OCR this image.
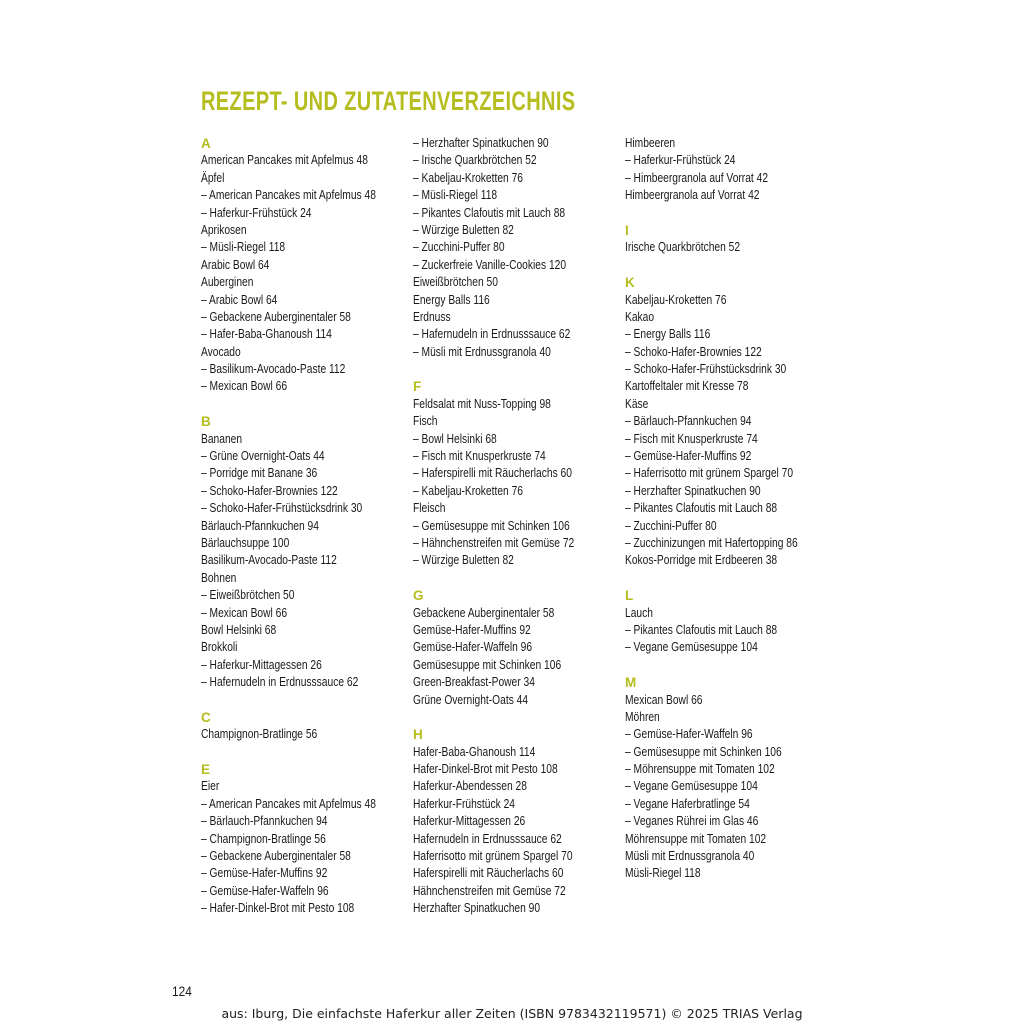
REZEPT- UND ZUTATENVERZEICHNIS
A
American Pancakes mit Apfelmus 48
Äpfel
– American Pancakes mit Apfelmus 48
– Haferkur-Frühstück 24
Aprikosen
– Müsli-Riegel 118
Arabic Bowl 64
Auberginen
– Arabic Bowl 64
– Gebackene Auberginentaler 58
– Hafer-Baba-Ghanoush 114
Avocado
– Basilikum-Avocado-Paste 112
– Mexican Bowl 66
B
Bananen
– Grüne Overnight-Oats 44
– Porridge mit Banane 36
– Schoko-Hafer-Brownies 122
– Schoko-Hafer-Frühstücksdrink 30
Bärlauch-Pfannkuchen 94
Bärlauchsuppe 100
Basilikum-Avocado-Paste 112
Bohnen
– Eiweißbrötchen 50
– Mexican Bowl 66
Bowl Helsinki 68
Brokkoli
– Haferkur-Mittagessen 26
– Hafernudeln in Erdnusssauce 62
C
Champignon-Bratlinge 56
E
Eier
– American Pancakes mit Apfelmus 48
– Bärlauch-Pfannkuchen 94
– Champignon-Bratlinge 56
– Gebackene Auberginentaler 58
– Gemüse-Hafer-Muffins 92
– Gemüse-Hafer-Waffeln 96
– Hafer-Dinkel-Brot mit Pesto 108
– Herzhafter Spinatkuchen 90
– Irische Quarkbrötchen 52
– Kabeljau-Kroketten 76
– Müsli-Riegel 118
– Pikantes Clafoutis mit Lauch 88
– Würzige Buletten 82
– Zucchini-Puffer 80
– Zuckerfreie Vanille-Cookies 120
Eiweißbrötchen 50
Energy Balls 116
Erdnuss
– Hafernudeln in Erdnusssauce 62
– Müsli mit Erdnussgranola 40
F
Feldsalat mit Nuss-Topping 98
Fisch
– Bowl Helsinki 68
– Fisch mit Knusperkruste 74
– Haferspirelli mit Räucherlachs 60
– Kabeljau-Kroketten 76
Fleisch
– Gemüsesuppe mit Schinken 106
– Hähnchenstreifen mit Gemüse 72
– Würzige Buletten 82
G
Gebackene Auberginentaler 58
Gemüse-Hafer-Muffins 92
Gemüse-Hafer-Waffeln 96
Gemüsesuppe mit Schinken 106
Green-Breakfast-Power 34
Grüne Overnight-Oats 44
H
Hafer-Baba-Ghanoush 114
Hafer-Dinkel-Brot mit Pesto 108
Haferkur-Abendessen 28
Haferkur-Frühstück 24
Haferkur-Mittagessen 26
Hafernudeln in Erdnusssauce 62
Haferrisotto mit grünem Spargel 70
Haferspirelli mit Räucherlachs 60
Hähnchenstreifen mit Gemüse 72
Herzhafter Spinatkuchen 90
Himbeeren
– Haferkur-Frühstück 24
– Himbeergranola auf Vorrat 42
Himbeergranola auf Vorrat 42
I
Irische Quarkbrötchen 52
K
Kabeljau-Kroketten 76
Kakao
– Energy Balls 116
– Schoko-Hafer-Brownies 122
– Schoko-Hafer-Frühstücksdrink 30
Kartoffeltaler mit Kresse 78
Käse
– Bärlauch-Pfannkuchen 94
– Fisch mit Knusperkruste 74
– Gemüse-Hafer-Muffins 92
– Haferrisotto mit grünem Spargel 70
– Herzhafter Spinatkuchen 90
– Pikantes Clafoutis mit Lauch 88
– Zucchini-Puffer 80
– Zucchinizungen mit Hafertopping 86
Kokos-Porridge mit Erdbeeren 38
L
Lauch
– Pikantes Clafoutis mit Lauch 88
– Vegane Gemüsesuppe 104
M
Mexican Bowl 66
Möhren
– Gemüse-Hafer-Waffeln 96
– Gemüsesuppe mit Schinken 106
– Möhrensuppe mit Tomaten 102
– Vegane Gemüsesuppe 104
– Vegane Haferbratlinge 54
– Veganes Rührei im Glas 46
Möhrensuppe mit Tomaten 102
Müsli mit Erdnussgranola 40
Müsli-Riegel 118
124
aus: Iburg, Die einfachste Haferkur aller Zeiten (ISBN 9783432119571) © 2025 TRIAS Verlag
